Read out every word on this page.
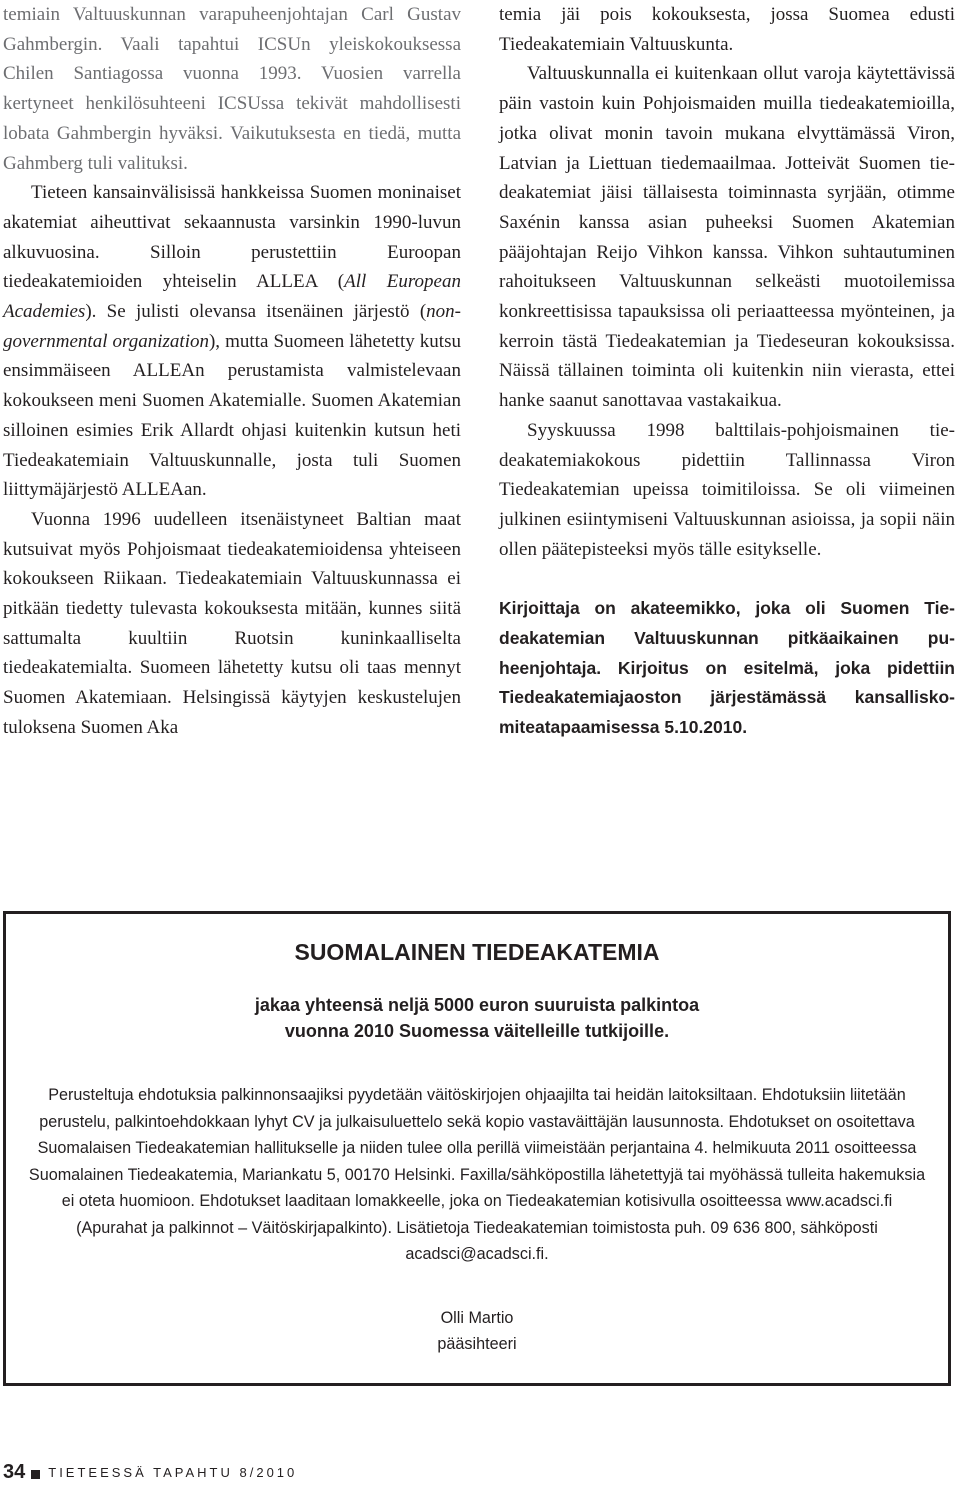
temiain Valtuuskunnan varapuheenjohtajan Carl Gustav Gahmbergin. Vaali tapahtui ICSUn yleiskokouksessa Chilen Santiagossa vuonna 1993. Vuosien varrella kertyneet henkilösuhteeni ICSUssa tekivät mahdollisesti lobata Gahmbergin hyväksi. Vaikutuksesta en tiedä, mutta Gahmberg tuli valituksi.

Tieteen kansainvälisissä hankkeissa Suomen moninaiset akatemiat aiheuttivat sekaannusta varsinkin 1990-luvun alkuvuosina. Silloin perustettiin Euroopan tiedeakatemioiden yhteiselin ALLEA (All European Academies). Se julisti olevansa itsenäinen järjestö (non-governmental organization), mutta Suomeen lähetetty kutsu ensimmäiseen ALLEAn perustamista valmistelevaan kokoukseen meni Suomen Akatemialle. Suomen Akatemian silloinen esimies Erik Allardt ohjasi kuitenkin kutsun heti Tiedeakatemiain Valtuuskunnalle, josta tuli Suomen liittymäjärjestö ALLEAan.

Vuonna 1996 uudelleen itsenäistyneet Baltian maat kutsuivat myös Pohjoismaat tiedeakatemioidensa yhteiseen kokoukseen Riikaan. Tiedeakatemiain Valtuuskunnassa ei pitkään tiedetty tulevasta kokouksesta mitään, kunnes siitä sattumalta kuultiin Ruotsin kuninkaalliselta tiedeakatemialta. Suomeen lähetetty kutsu oli taas mennyt Suomen Akatemiaan. Helsingissä käytyjen keskustelujen tuloksena Suomen Aka

temia jäi pois kokouksesta, jossa Suomea edusti Tiedeakatemiain Valtuuskunta.

Valtuuskunnalla ei kuitenkaan ollut varoja käytettävissä päin vastoin kuin Pohjoismaiden muilla tiedeakatemioilla, jotka olivat monin tavoin mukana elvyttämässä Viron, Latvian ja Liettuan tiedemaailmaa. Jotteivät Suomen tiedeakatemiat jäisi tällaisesta toiminnasta syrjään, otimme Saxénin kanssa asian puheeksi Suomen Akatemian pääjohtajan Reijo Vihkon kanssa. Vihkon suhtautuminen rahoitukseen Valtuuskunnan selkeästi muotoilemissa konkreettisissa tapauksissa oli periaatteessa myönteinen, ja kerroin tästä Tiedeakatemian ja Tiedeseuran kokouksissa. Näissä tällainen toiminta oli kuitenkin niin vierasta, ettei hanke saanut sanottavaa vastakaikua.

Syyskuussa 1998 balttilais-pohjoismainen tiedeakatemiakokous pidettiin Tallinnassa Viron Tiedeakatemian upeissa toimitiloissa. Se oli viimeinen julkinen esiintymiseni Valtuuskunnan asioissa, ja sopii näin ollen päätepisteeksi myös tälle esitykselle.

Kirjoittaja on akateemikko, joka oli Suomen Tiedeakatemian Valtuuskunnan pitkäaikainen puheenjohtaja. Kirjoitus on esitelmä, joka pidettiin Tiedeakatemiajaoston järjestämässä kansalliskomiteatapaamisessa 5.10.2010.

SUOMALAINEN TIEDEAKATEMIA
jakaa yhteensä neljä 5000 euron suuruista palkintoa
vuonna 2010 Suomessa väitelleille tutkijoille.
Perusteltuja ehdotuksia palkinnonsaajiksi pyydetään väitöskirjojen ohjaajilta tai heidän laitoksiltaan. Ehdotuksiin liitetään perustelu, palkintoehdokkaan lyhyt CV ja julkaisuluettelo sekä kopio vastaväittäjän lausunnosta. Ehdotukset on osoitettava Suomalaisen Tiedeakatemian hallitukselle ja niiden tulee olla perillä viimeistään perjantaina 4. helmikuuta 2011 osoitteessa Suomalainen Tiedeakatemia, Mariankatu 5, 00170 Helsinki. Faxilla/sähköpostilla lähetettyjä tai myöhässä tulleita hakemuksia ei oteta huomioon. Ehdotukset laaditaan lomakkeelle, joka on Tiedeakatemian kotisivulla osoitteessa www.acadsci.fi (Apurahat ja palkinnot – Väitöskirjapalkinto). Lisätietoja Tiedeakatemian toimistosta puh. 09 636 800, sähköposti acadsci@acadsci.fi.
Olli Martio
pääsihteeri
34 TIETEESSÄ TAPAHTU 8/2010
